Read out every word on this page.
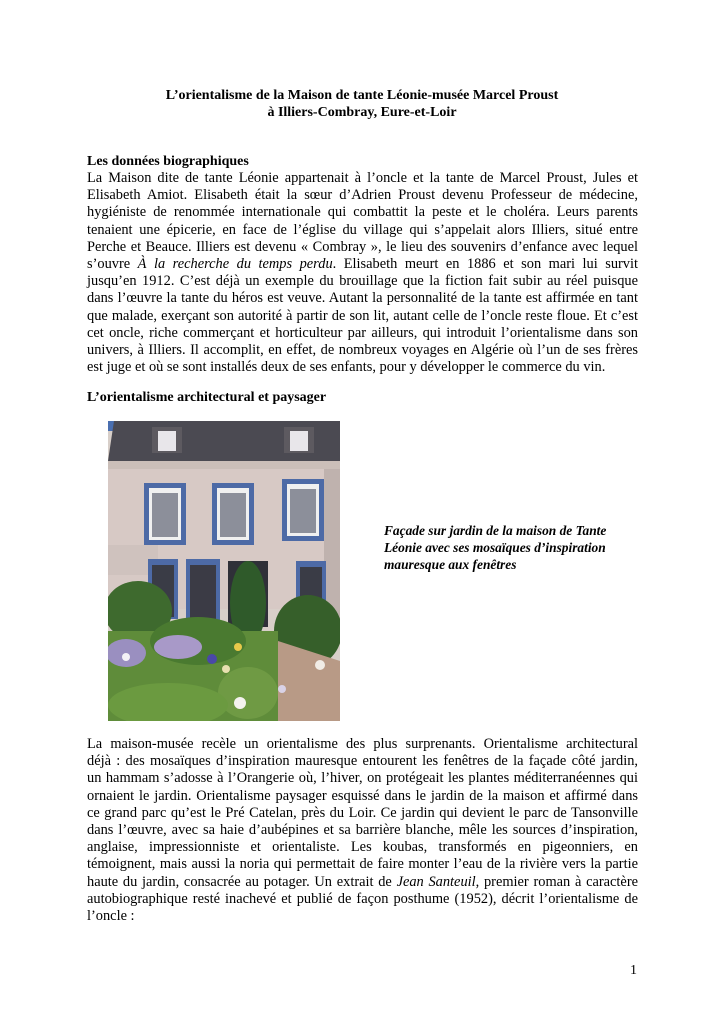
L’orientalisme de la Maison de tante Léonie-musée Marcel Proust
à Illiers-Combray, Eure-et-Loir
Les données biographiques
La Maison dite de tante Léonie appartenait à l’oncle et la tante de Marcel Proust, Jules et
Elisabeth Amiot. Elisabeth était la sœur d’Adrien Proust devenu Professeur de médecine,
hygiéniste de renommée internationale qui combattit la peste et le choléra. Leurs parents
tenaient une épicerie, en face de l’église du village qui s’appelait alors Illiers, situé entre
Perche et Beauce. Illiers est devenu « Combray », le lieu des souvenirs d’enfance avec lequel
s’ouvre À la recherche du temps perdu. Elisabeth meurt en 1886 et son mari lui survit
jusqu’en 1912. C’est déjà un exemple du brouillage que la fiction fait subir au réel puisque
dans l’œuvre la tante du héros est veuve. Autant la personnalité de la tante est affirmée en tant
que malade, exerçant son autorité à partir de son lit, autant celle de l’oncle reste floue. Et c’est
cet oncle, riche commerçant et horticulteur par ailleurs, qui introduit l’orientalisme dans son
univers, à Illiers. Il accomplit, en effet, de nombreux voyages en Algérie où l’un de ses frères
est juge et où se sont installés deux de ses enfants, pour y développer le commerce du vin.
L’orientalisme architectural et paysager
Façade sur jardin de la maison de Tante Léonie avec ses mosaïques d’inspiration mauresque aux fenêtres
La maison-musée recèle un orientalisme des plus surprenants. Orientalisme architectural
déjà : des mosaïques d’inspiration mauresque entourent les fenêtres de la façade côté jardin,
un hammam s’adosse à l’Orangerie où, l’hiver, on protégeait les plantes méditerranéennes qui
ornaient le jardin. Orientalisme paysager esquissé dans le jardin de la maison et affirmé dans
ce grand parc qu’est le Pré Catelan, près du Loir. Ce jardin qui devient le parc de Tansonville
dans l’œuvre, avec sa haie d’aubépines et sa barrière blanche, mêle les sources d’inspiration,
anglaise, impressionniste et orientaliste. Les koubas, transformés en pigeonniers, en
témoignent, mais aussi la noria qui permettait de faire monter l’eau de la rivière vers la partie
haute du jardin, consacrée au potager. Un extrait de Jean Santeuil, premier roman à caractère
autobiographique resté inachevé et publié de façon posthume (1952), décrit l’orientalisme de
l’oncle :
1
